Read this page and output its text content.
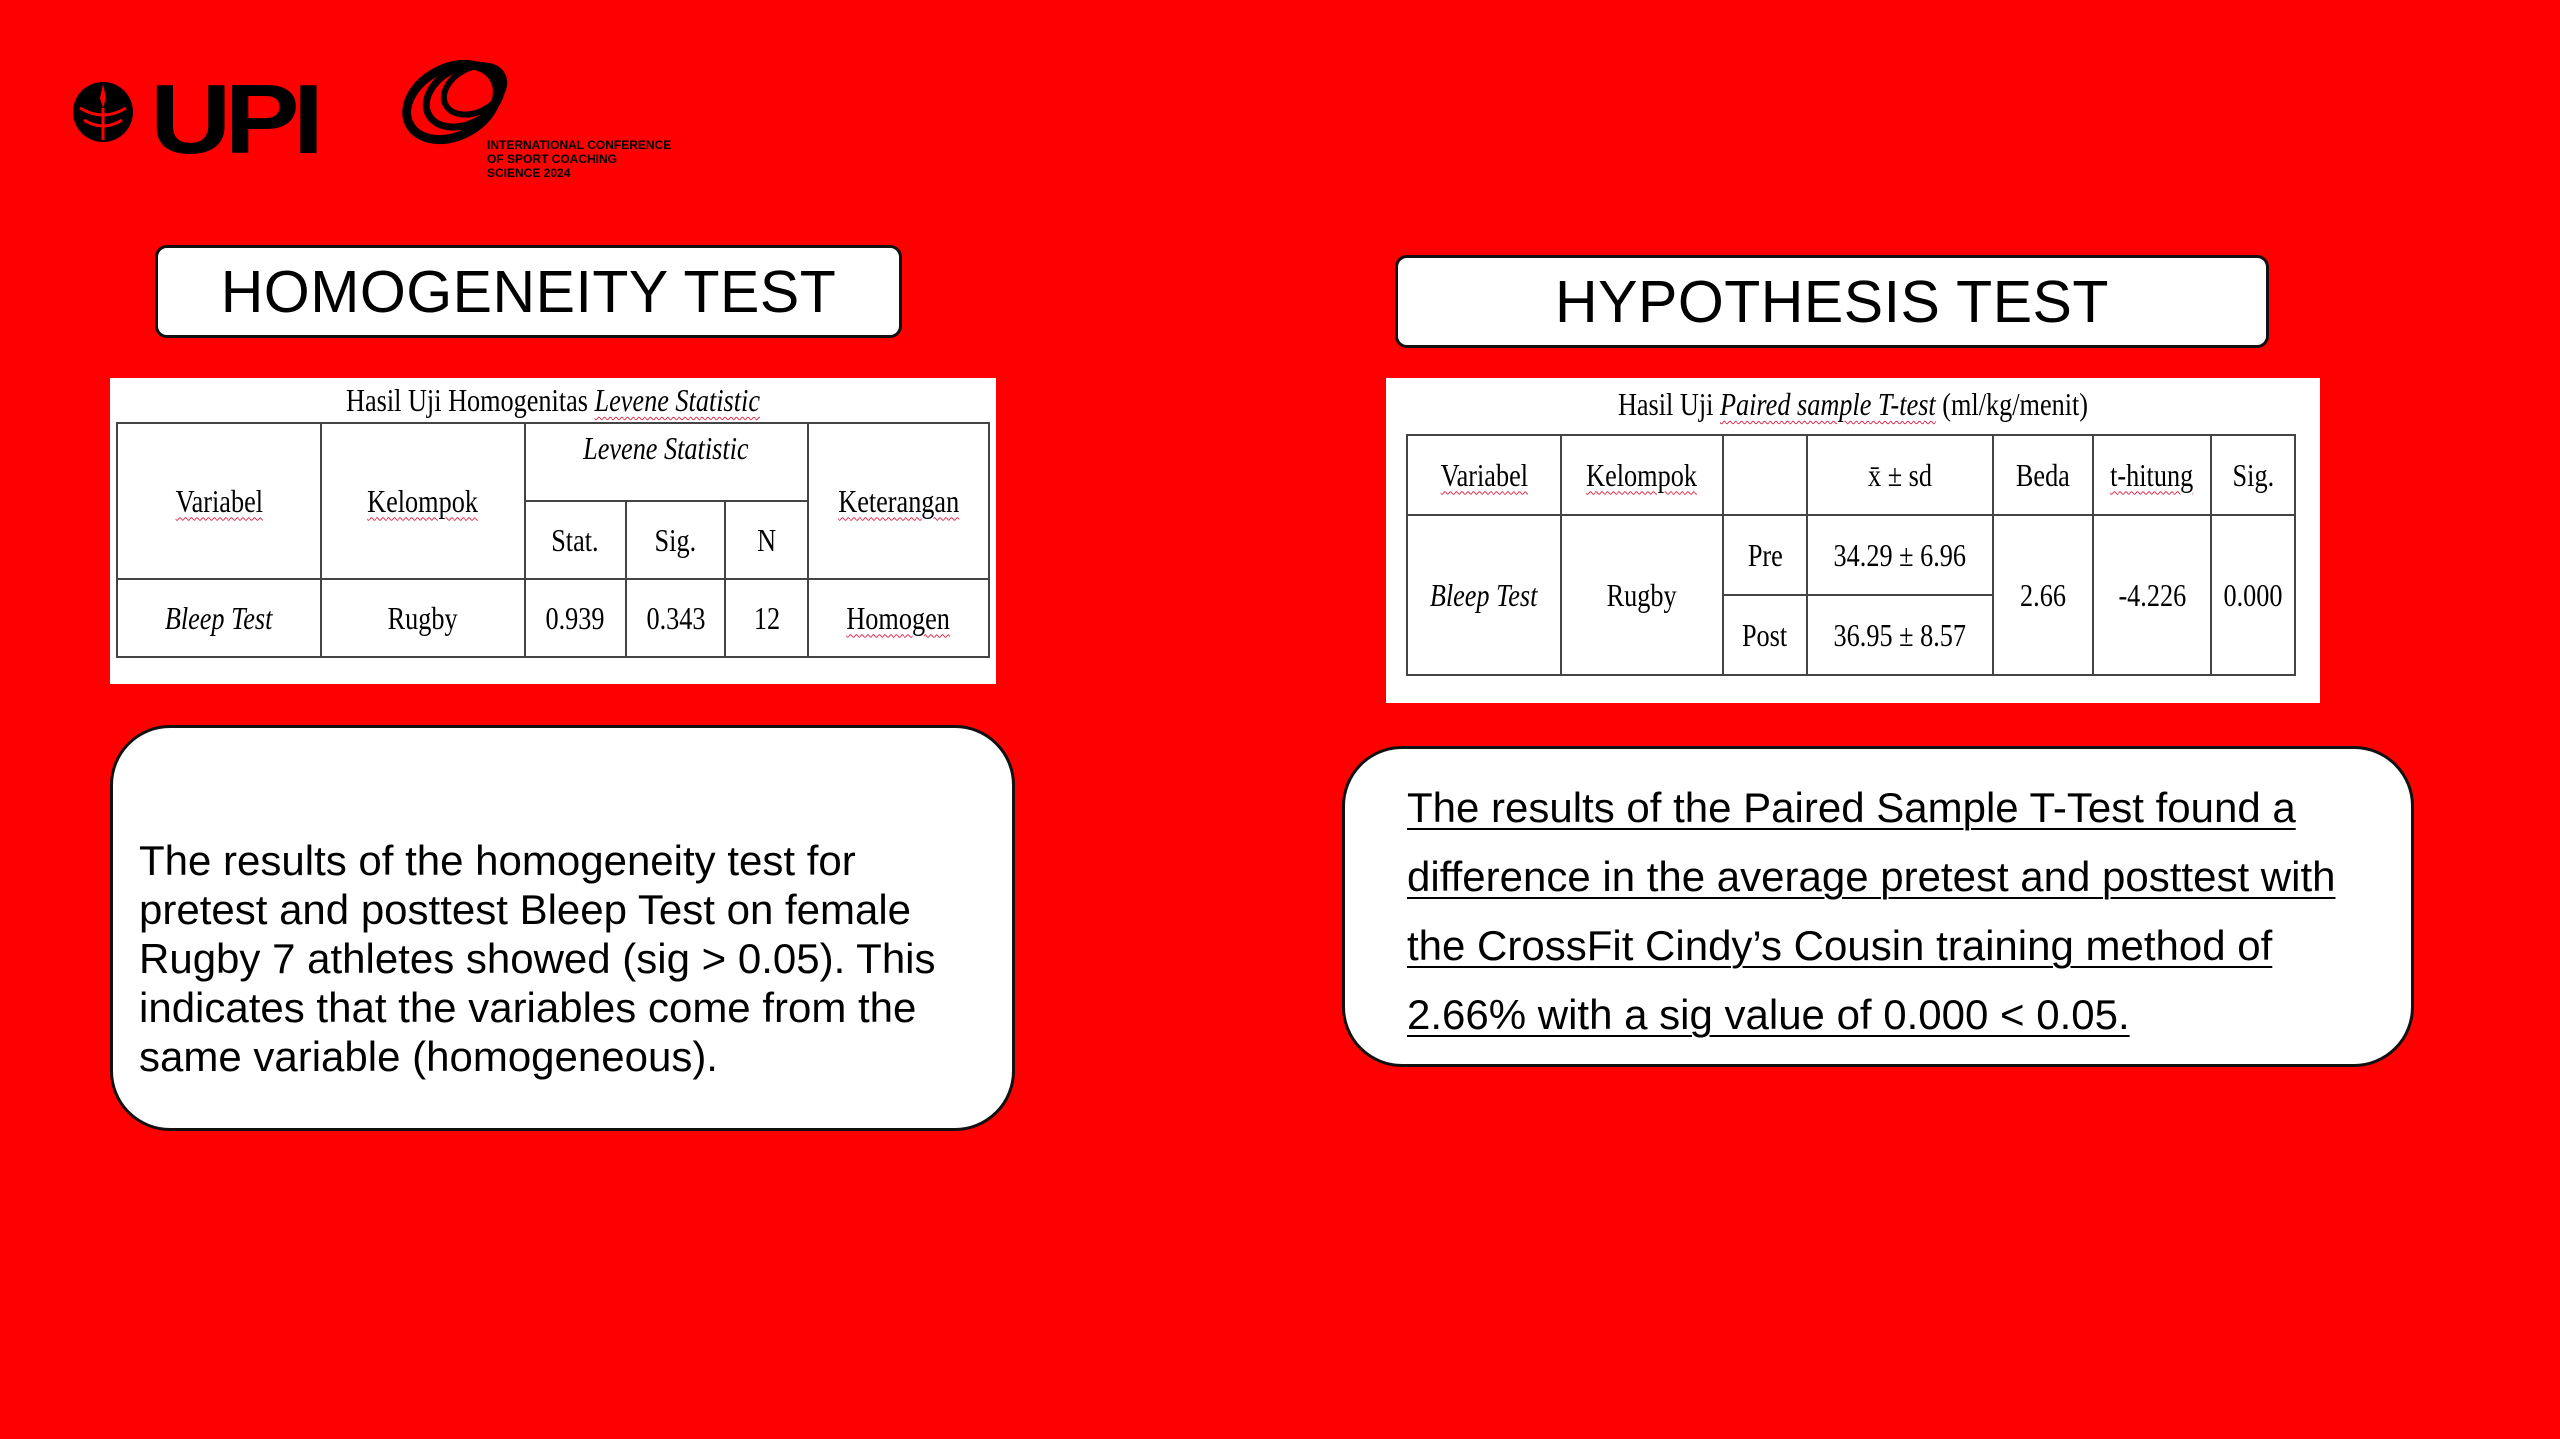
UPI	INTERNATIONAL CONFERENCE
OF SPORT COACHING
SCIENCE 2024
HOMOGENEITY TEST	HYPOTHESIS TEST
Hasil Uji Homogenitas Levene Statistic
Variabel	Kelompok	Levene Statistic			Keterangan
		Stat.	Sig.	N	
Bleep Test	Rugby	0.939	0.343	12	Homogen
Hasil Uji Paired sample T-test (ml/kg/menit)
Variabel	Kelompok		x̄ ± sd	Beda	t-hitung	Sig.
Bleep Test	Rugby	Pre	34.29 ± 6.96	2.66	-4.226	0.000
		Post	36.95 ± 8.57			
The results of the homogeneity test for pretest and posttest Bleep Test on female Rugby 7 athletes showed (sig > 0.05). This indicates that the variables come from the same variable (homogeneous).
The results of the Paired Sample T-Test found a difference in the average pretest and posttest with the CrossFit Cindy’s Cousin training method of 2.66% with a sig value of 0.000 < 0.05.
